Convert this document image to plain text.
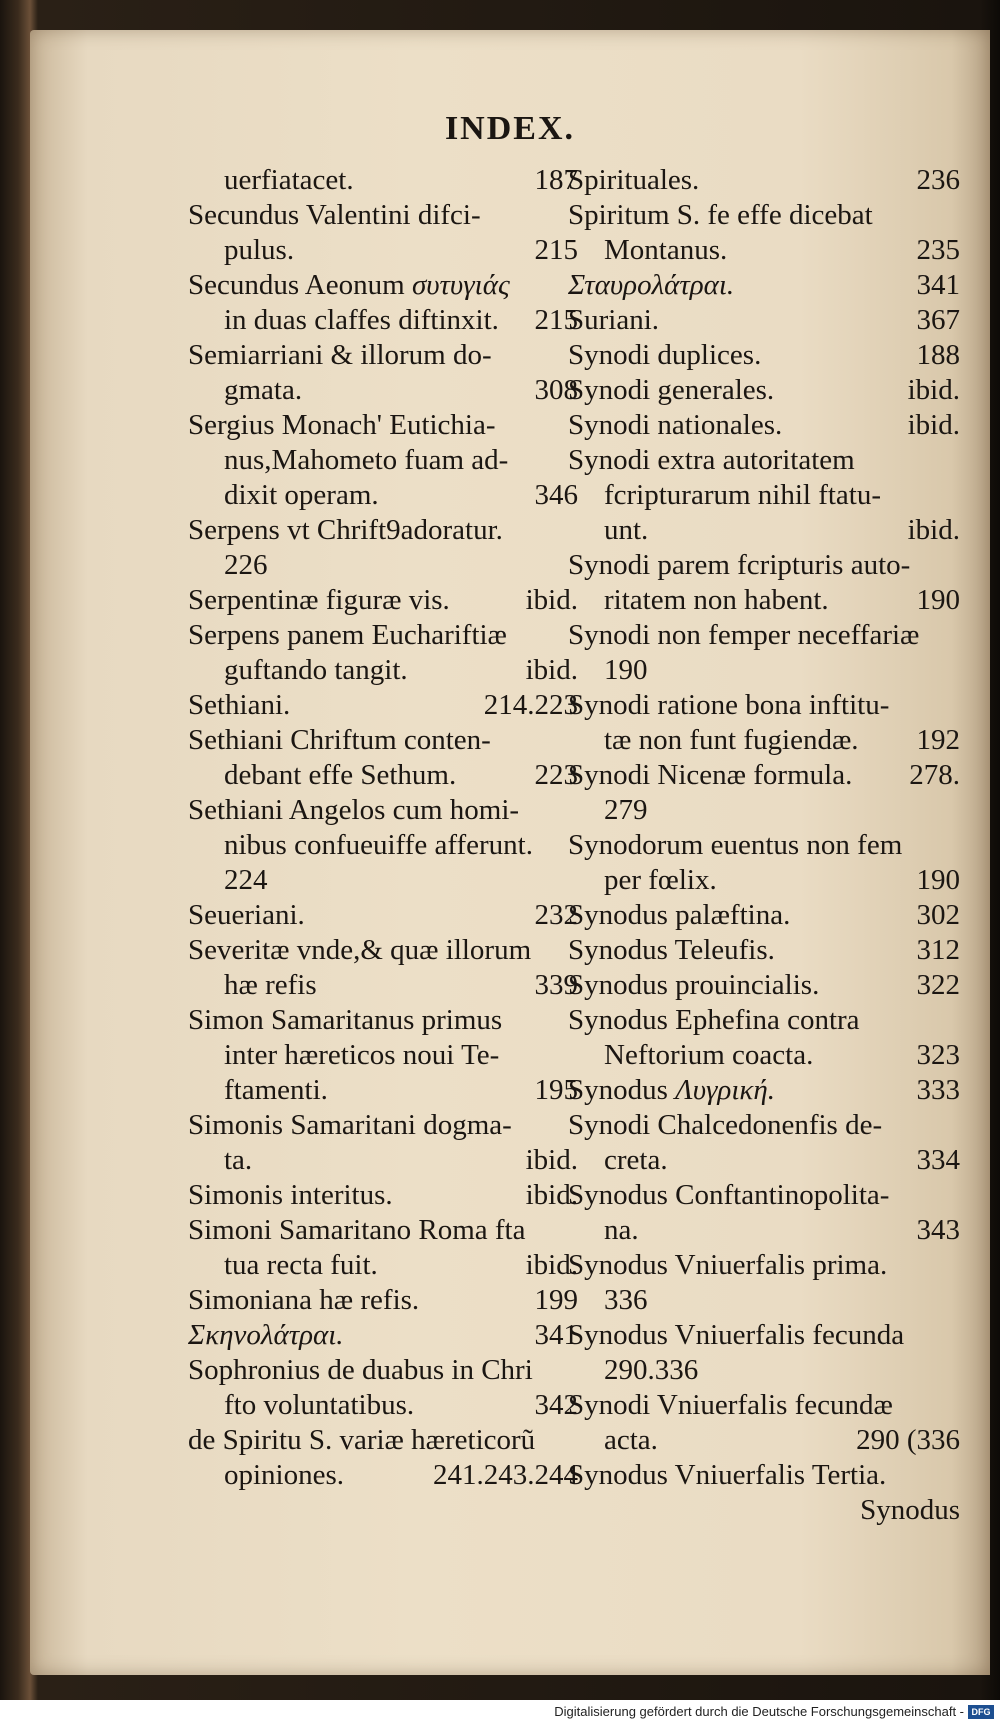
INDEX.
uerfiatacet.	187
Secundus Valentini difci-
pulus.	215
Secundus Aeonum συτυγιάς
in duas claffes diftinxit. 215
Semiarriani & illorum do-
gmata.	308
Sergius Monach' Eutichia-
nus,Mahometo fuam ad-
dixit operam.	346
Serpens vt Chrift9adoratur.
226
Serpentinæ figuræ vis.	ibid.
Serpens panem Euchariftiæ
guftando tangit.	ibid.
Sethiani.	214.223
Sethiani Chriftum conten-
debant effe Sethum.	223
Sethiani Angelos cum homi-
nibus confueuiffe afferunt.
224
Seueriani.	232
Severitæ vnde,& quæ illorum
hæ refis	339
Simon Samaritanus primus
inter hæreticos noui Te-
ftamenti.	195
Simonis Samaritani dogma-
ta.	ibid.
Simonis interitus.	ibid.
Simoni Samaritano Roma fta
tua recta fuit.	ibid.
Simoniana hæ refis.	199
Σκηνολάτραι.	341
Sophronius de duabus in Chri
fto voluntatibus.	342
de Spiritu S. variæ hæreticorũ
opiniones.	241.243.244
Spirituales.	236
Spiritum S. fe effe dicebat
Montanus.	235
Σταυρολάτραι.	341
Suriani.	367
Synodi duplices.	188
Synodi generales.	ibid.
Synodi nationales.	ibid.
Synodi extra autoritatem
fcripturarum nihil ftatu-
unt.	ibid.
Synodi parem fcripturis auto-
ritatem non habent.	190
Synodi non femper neceffariæ
190
Synodi ratione bona inftitu-
tæ non funt fugiendæ. 192
Synodi Nicenæ formula. 278.
279
Synodorum euentus non fem
per fœlix.	190
Synodus palæftina.	302
Synodus Teleufis.	312
Synodus prouincialis.	322
Synodus Ephefina contra
Neftorium coacta.	323
Synodus Λυγρική.	333
Synodi Chalcedonenfis de-
creta.	334
Synodus Conftantinopolita-
na.	343
Synodus Vniuerfalis prima.
336
Synodus Vniuerfalis fecunda
290.336
Synodi Vniuerfalis fecundæ
acta.	290 (336
Synodus Vniuerfalis Tertia.
Synodus
Digitalisierung gefördert durch die Deutsche Forschungsgemeinschaft - DFG
